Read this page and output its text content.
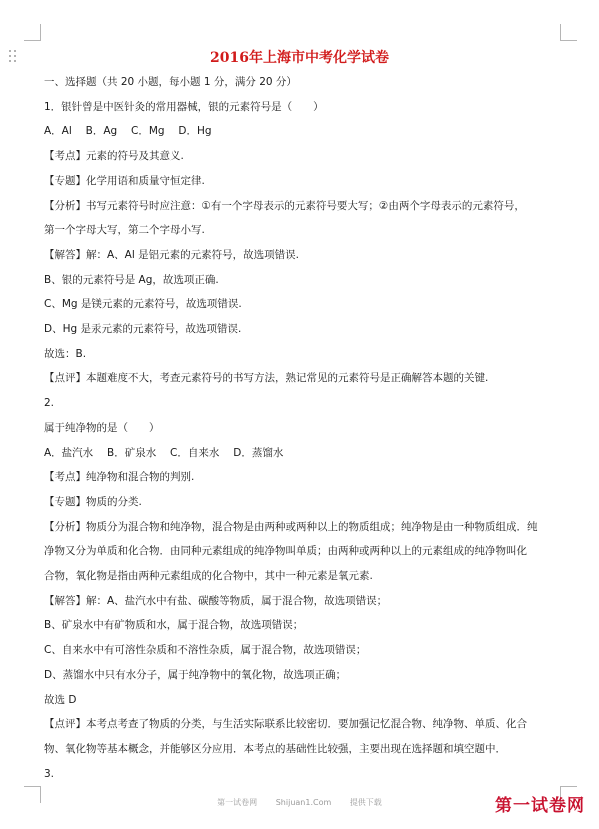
2016年上海市中考化学试卷
一、选择题（共 20 小题，每小题 1 分，满分 20 分）
1．银针曾是中医针灸的常用器械，银的元素符号是（　　）
A．Al　 B．Ag　 C．Mg　 D．Hg
【考点】元素的符号及其意义.
【专题】化学用语和质量守恒定律.
【分析】书写元素符号时应注意：①有一个字母表示的元素符号要大写；②由两个字母表示的元素符号，
第一个字母大写，第二个字母小写.
【解答】解：A、Al 是铝元素的元素符号，故选项错误.
B、银的元素符号是 Ag，故选项正确.
C、Mg 是镁元素的元素符号，故选项错误.
D、Hg 是汞元素的元素符号，故选项错误.
故选：B.
【点评】本题难度不大，考查元素符号的书写方法，熟记常见的元素符号是正确解答本题的关键.
2.
属于纯净物的是（　　）
A．盐汽水　 B．矿泉水　 C．自来水　 D．蒸馏水
【考点】纯净物和混合物的判别.
【专题】物质的分类.
【分析】物质分为混合物和纯净物，混合物是由两种或两种以上的物质组成；纯净物是由一种物质组成．纯
净物又分为单质和化合物．由同种元素组成的纯净物叫单质；由两种或两种以上的元素组成的纯净物叫化
合物，氧化物是指由两种元素组成的化合物中，其中一种元素是氧元素.
【解答】解：A、盐汽水中有盐、碳酸等物质，属于混合物，故选项错误；
B、矿泉水中有矿物质和水，属于混合物，故选项错误；
C、自来水中有可溶性杂质和不溶性杂质，属于混合物，故选项错误；
D、蒸馏水中只有水分子，属于纯净物中的氧化物，故选项正确；
故选 D
【点评】本考点考查了物质的分类，与生活实际联系比较密切．要加强记忆混合物、纯净物、单质、化合
物、氧化物等基本概念，并能够区分应用．本考点的基础性比较强，主要出现在选择题和填空题中．
3.
第一试卷网 Shijuan1.Com 提供下载	第一试卷网
